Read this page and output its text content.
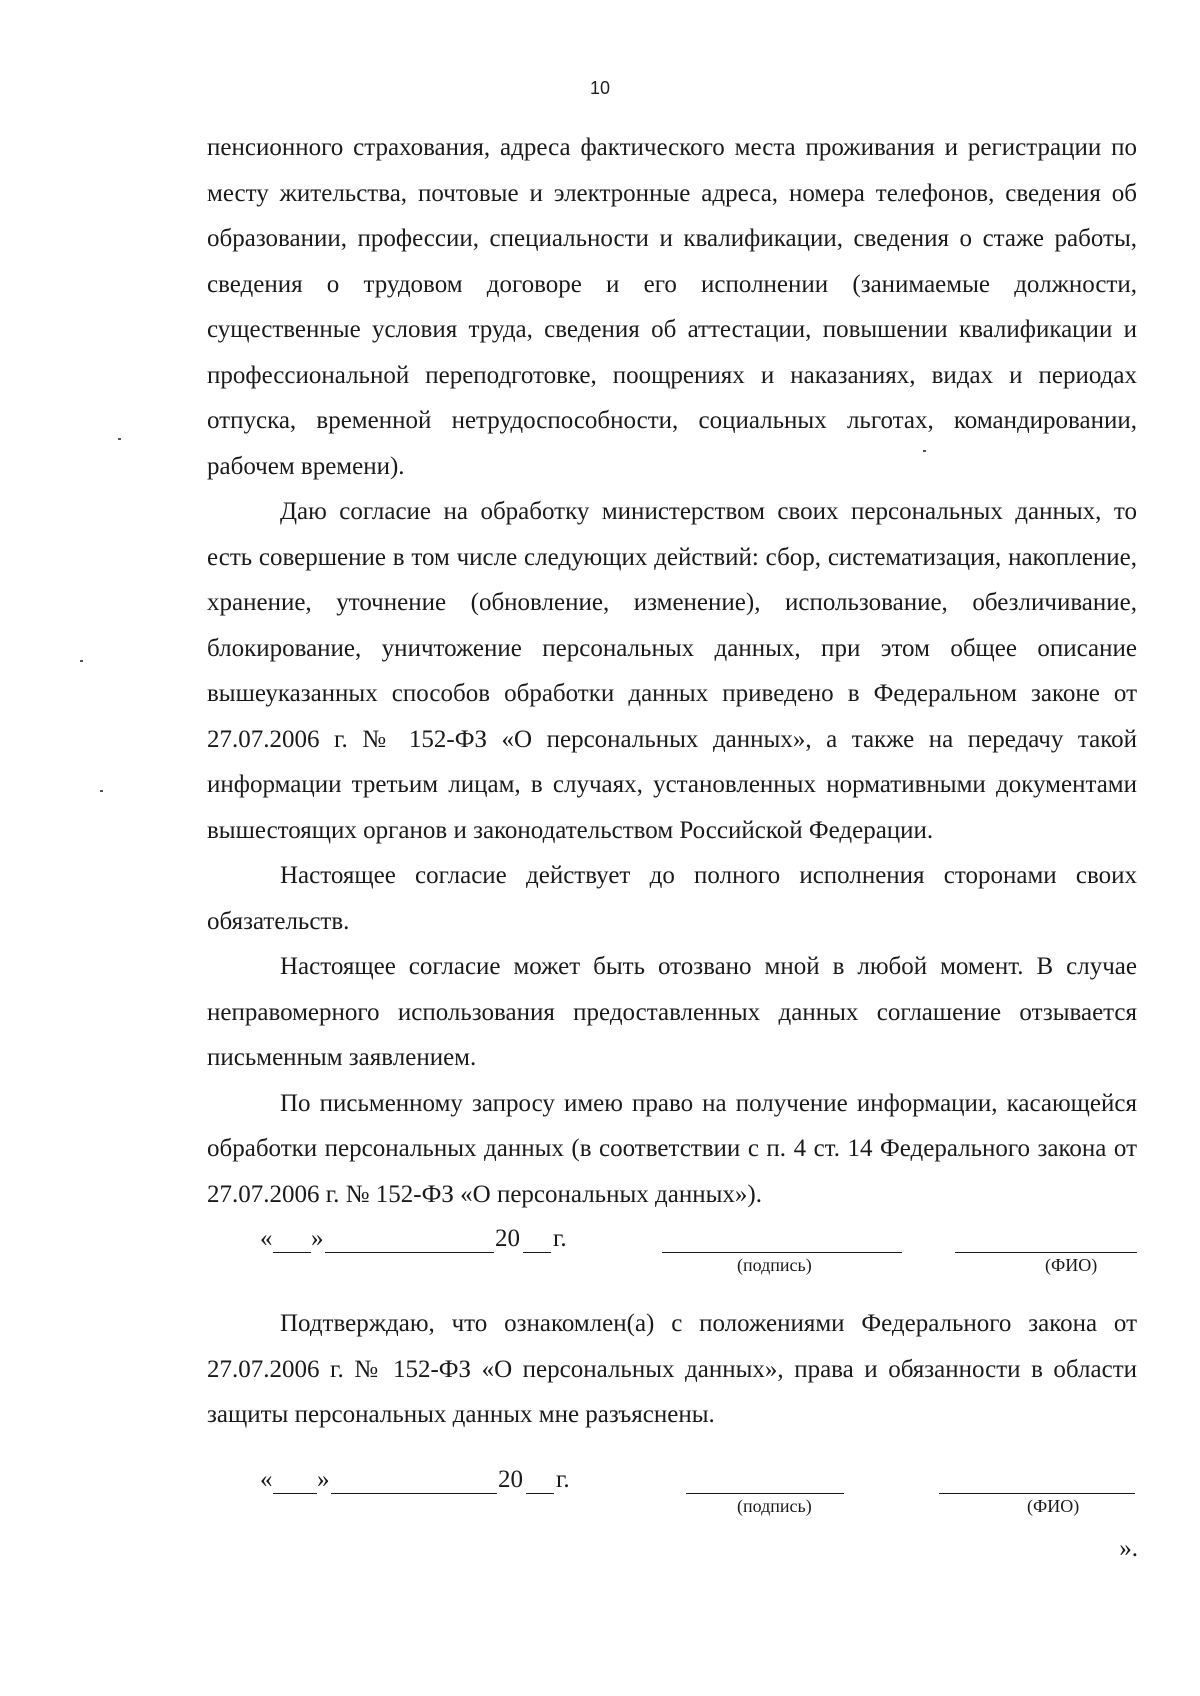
10

пенсионного страхования, адреса фактического места проживания и регистрации по месту жительства, почтовые и электронные адреса, номера телефонов, сведения об образовании, профессии, специальности и квалификации, сведения о стаже работы, сведения о трудовом договоре и его исполнении (занимаемые должности, существенные условия труда, сведения об аттестации, повышении квалификации и профессиональной переподготовке, поощрениях и наказаниях, видах и периодах отпуска, временной нетрудоспособности, социальных льготах, командировании, рабочем времени).

Даю согласие на обработку министерством своих персональных данных, то есть совершение в том числе следующих действий: сбор, систематизация, накопление, хранение, уточнение (обновление, изменение), использование, обезличивание, блокирование, уничтожение персональных данных, при этом общее описание вышеуказанных способов обработки данных приведено в Федеральном законе от 27.07.2006 г. № 152-ФЗ «О персональных данных», а также на передачу такой информации третьим лицам, в случаях, установленных нормативными документами вышестоящих органов и законодательством Российской Федерации.

Настоящее согласие действует до полного исполнения сторонами своих обязательств.

Настоящее согласие может быть отозвано мной в любой момент. В случае неправомерного использования предоставленных данных соглашение отзывается письменным заявлением.

По письменному запросу имею право на получение информации, касающейся обработки персональных данных (в соответствии с п. 4 ст. 14 Федерального закона от 27.07.2006 г. № 152-ФЗ «О персональных данных»).

« »	20 г.
(подпись)	(ФИО)

Подтверждаю, что ознакомлен(а) с положениями Федерального закона от 27.07.2006 г. № 152-ФЗ «О персональных данных», права и обязанности в области защиты персональных данных мне разъяснены.

« »	20 г.
(подпись)	(ФИО)
».
